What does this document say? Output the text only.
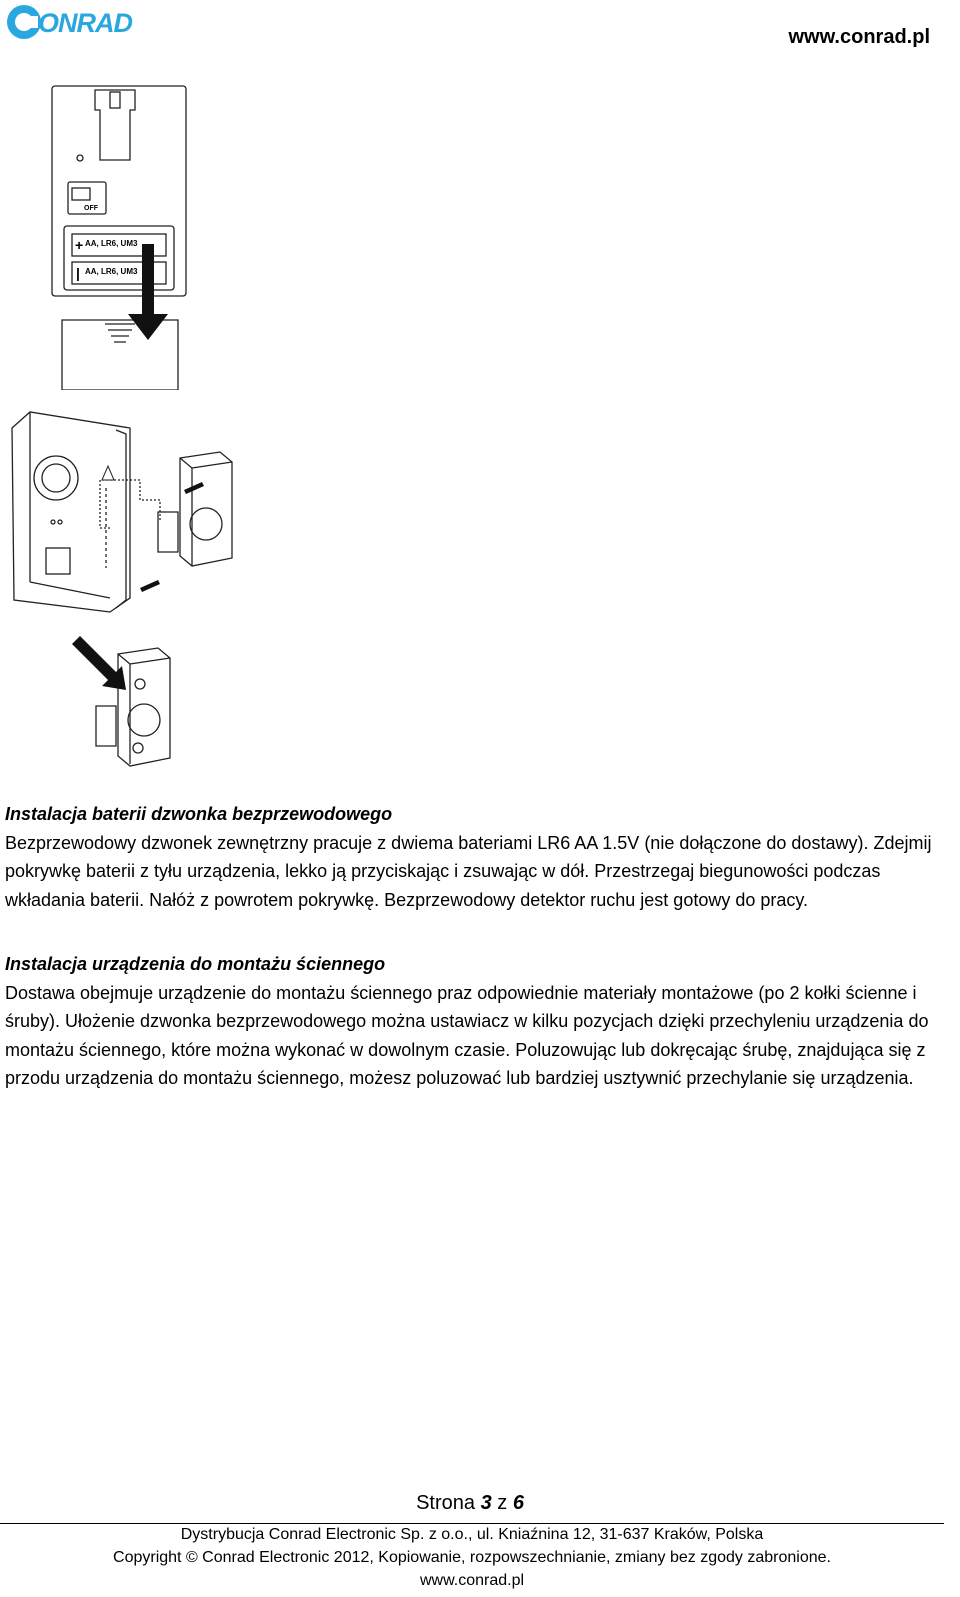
ONRAD	www.conrad.pl
AA, LR6, UM3
AA, LR6, UM3
OFF
+
|
Instalacja baterii dzwonka bezprzewodowego
Bezprzewodowy dzwonek zewnętrzny pracuje z dwiema bateriami LR6 AA 1.5V (nie dołączone do dostawy). Zdejmij pokrywkę baterii z tyłu urządzenia, lekko ją przyciskając i zsuwając w dół. Przestrzegaj biegunowości podczas wkładania baterii. Nałóż z powrotem pokrywkę. Bezprzewodowy detektor ruchu jest gotowy do pracy.
Instalacja urządzenia do montażu ściennego
Dostawa obejmuje urządzenie do montażu ściennego praz odpowiednie materiały montażowe (po 2 kołki ścienne i śruby). Ułożenie dzwonka bezprzewodowego można ustawiacz w kilku pozycjach dzięki przechyleniu urządzenia do montażu ściennego, które można wykonać w dowolnym czasie. Poluzowując lub dokręcając śrubę, znajdująca się z przodu urządzenia do montażu ściennego, możesz poluzować lub bardziej usztywnić przechylanie się urządzenia.
Strona 3 z 6
Dystrybucja Conrad Electronic Sp. z o.o., ul. Kniaźnina 12, 31-637 Kraków, Polska
Copyright © Conrad Electronic 2012, Kopiowanie, rozpowszechnianie, zmiany bez zgody zabronione.
www.conrad.pl
